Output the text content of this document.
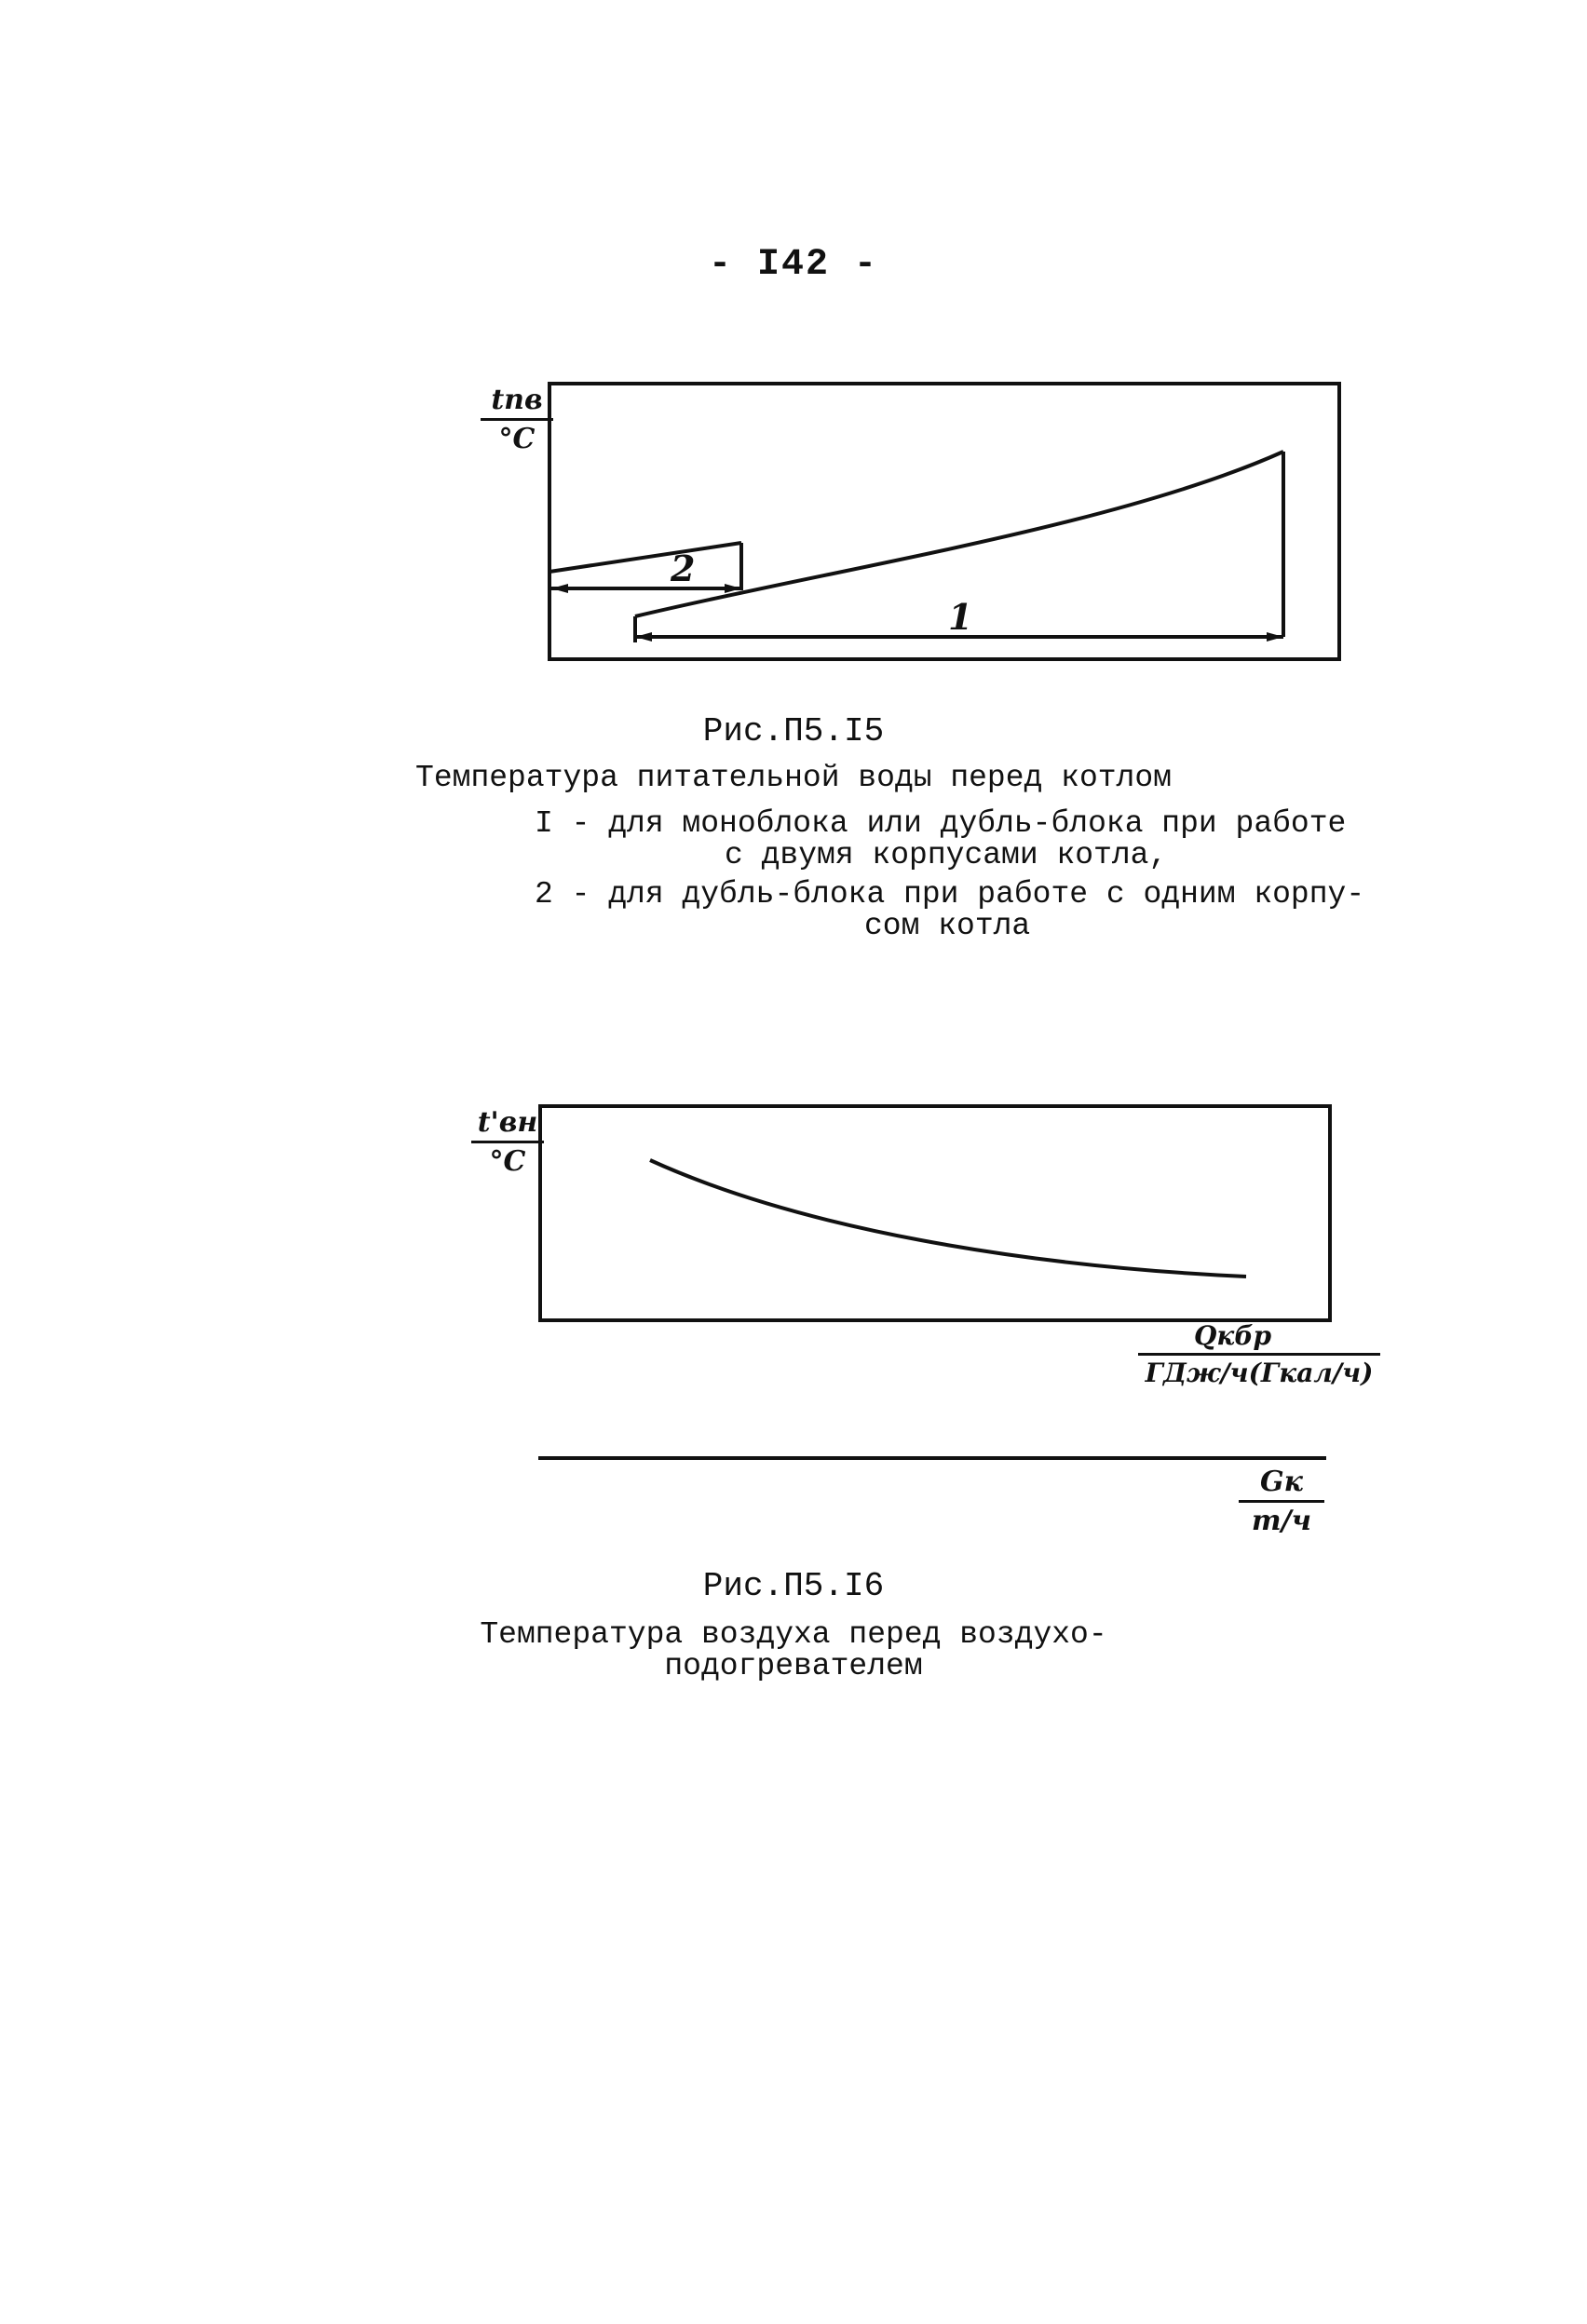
- I42 -
tпв
°C
2
1
Рис.П5.I5
Температура питательной воды перед котлом
I - для моноблока или дубль-блока при работе
с двумя корпусами котла,
2 - для дубль-блока при работе с одним корпу-
сом котла
t'вн
°C
Qкбр
ГДж/ч(Гкал/ч)
Gк
т/ч
Рис.П5.I6
Температура воздуха перед воздухо-
подогревателем
